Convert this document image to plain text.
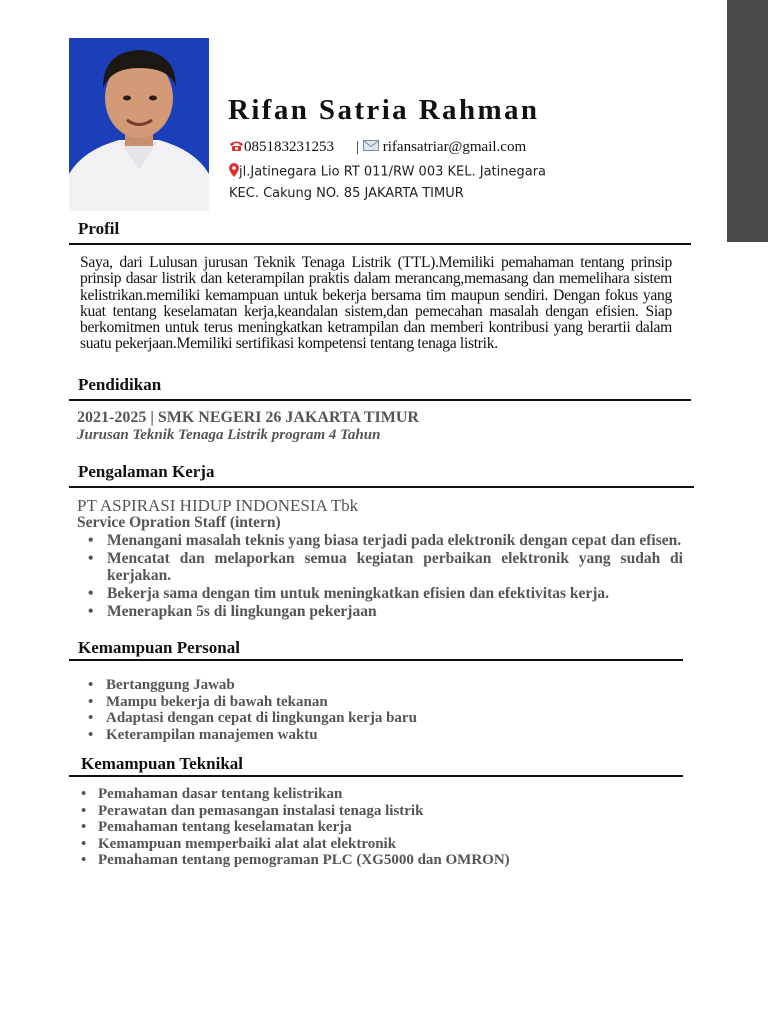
Rifan Satria Rahman
085183231253 | rifansatriar@gmail.com
jl.Jatinegara Lio RT 011/RW 003 KEL. Jatinegara
KEC. Cakung NO. 85 JAKARTA TIMUR
Profil

Saya, dari Lulusan jurusan Teknik Tenaga Listrik (TTL).Memiliki pemahaman tentang prinsip prinsip dasar listrik dan keterampilan praktis dalam merancang,memasang dan memelihara sistem kelistrikan.memiliki kemampuan untuk bekerja bersama tim maupun sendiri. Dengan fokus yang kuat tentang keselamatan kerja,keandalan sistem,dan pemecahan masalah dengan efisien. Siap berkomitmen untuk terus meningkatkan ketrampilan dan memberi kontribusi yang berartii dalam suatu pekerjaan.Memiliki sertifikasi kompetensi tentang tenaga listrik.

Pendidikan

2021-2025 | SMK NEGERI 26 JAKARTA TIMUR

Jurusan Teknik Tenaga Listrik program 4 Tahun

Pengalaman Kerja

PT ASPIRASI HIDUP INDONESIA Tbk

Service Opration Staff (intern)

• Menangani masalah teknis yang biasa terjadi pada elektronik dengan cepat dan efisen.
• Mencatat dan melaporkan semua kegiatan perbaikan elektronik yang sudah di kerjakan.
• Bekerja sama dengan tim untuk meningkatkan efisien dan efektivitas kerja.
• Menerapkan 5s di lingkungan pekerjaan
Kemampuan Personal
• Bertanggung Jawab
• Mampu bekerja di bawah tekanan
• Adaptasi dengan cepat di lingkungan kerja baru
• Keterampilan manajemen waktu
Kemampuan Teknikal
• Pemahaman dasar tentang kelistrikan
• Perawatan dan pemasangan instalasi tenaga listrik
• Pemahaman tentang keselamatan kerja
• Kemampuan memperbaiki alat alat elektronik
• Pemahaman tentang pemograman PLC (XG5000 dan OMRON)
